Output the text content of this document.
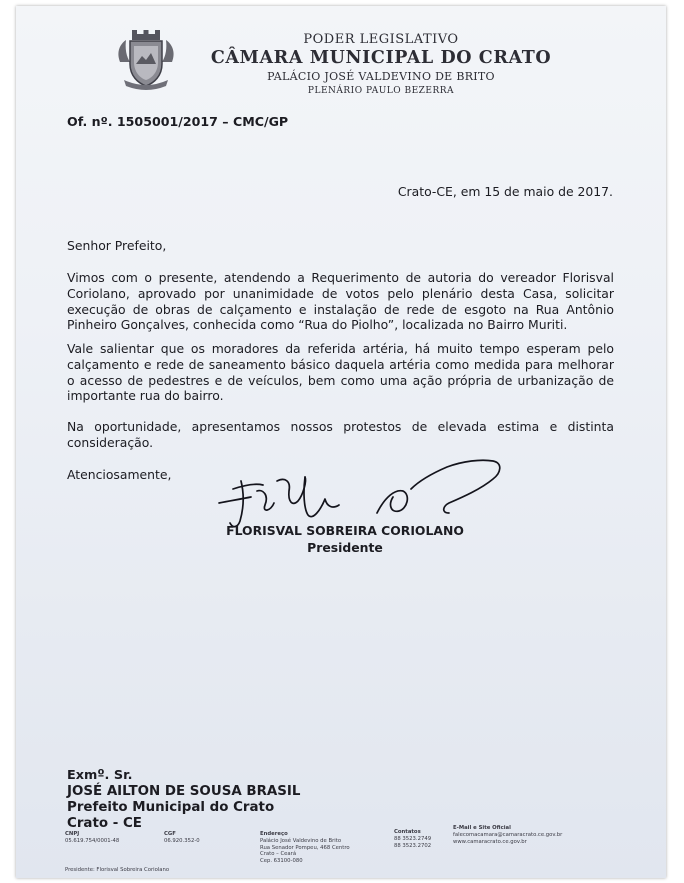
PODER LEGISLATIVO
CÂMARA MUNICIPAL DO CRATO
PALÁCIO JOSÉ VALDEVINO DE BRITO
PLENÁRIO PAULO BEZERRA
Of. nº. 1505001/2017 – CMC/GP
Crato-CE, em 15 de maio de 2017.
Senhor Prefeito,
Vimos com o presente, atendendo a Requerimento de autoria do vereador Florisval Coriolano, aprovado por unanimidade de votos pelo plenário desta Casa, solicitar execução de obras de calçamento e instalação de rede de esgoto na Rua Antônio Pinheiro Gonçalves, conhecida como “Rua do Piolho”, localizada no Bairro Muriti.
Vale salientar que os moradores da referida artéria, há muito tempo esperam pelo calçamento e rede de saneamento básico daquela artéria como medida para melhorar o acesso de pedestres e de veículos, bem como uma ação própria de urbanização de importante rua do bairro.
Na oportunidade, apresentamos nossos protestos de elevada estima e distinta consideração.
Atenciosamente,
FLORISVAL SOBREIRA CORIOLANO
Presidente
Exmº. Sr.
JOSÉ AILTON DE SOUSA BRASIL
Prefeito Municipal do Crato
Crato - CE
CNPJ
05.619.754/0001-48
CGF
06.920.352-0
Endereço
Palácio José Valdevino de Brito
Rua Senador Pompeu, 468 Centro
Crato – Ceará
Cep. 63100-080
Contatos
88 3523.2749
88 3523.2702
E-Mail e Site Oficial
falecomacamara@camaracrato.ce.gov.br
www.camaracrato.ce.gov.br
Presidente: Florisval Sobreira Coriolano
